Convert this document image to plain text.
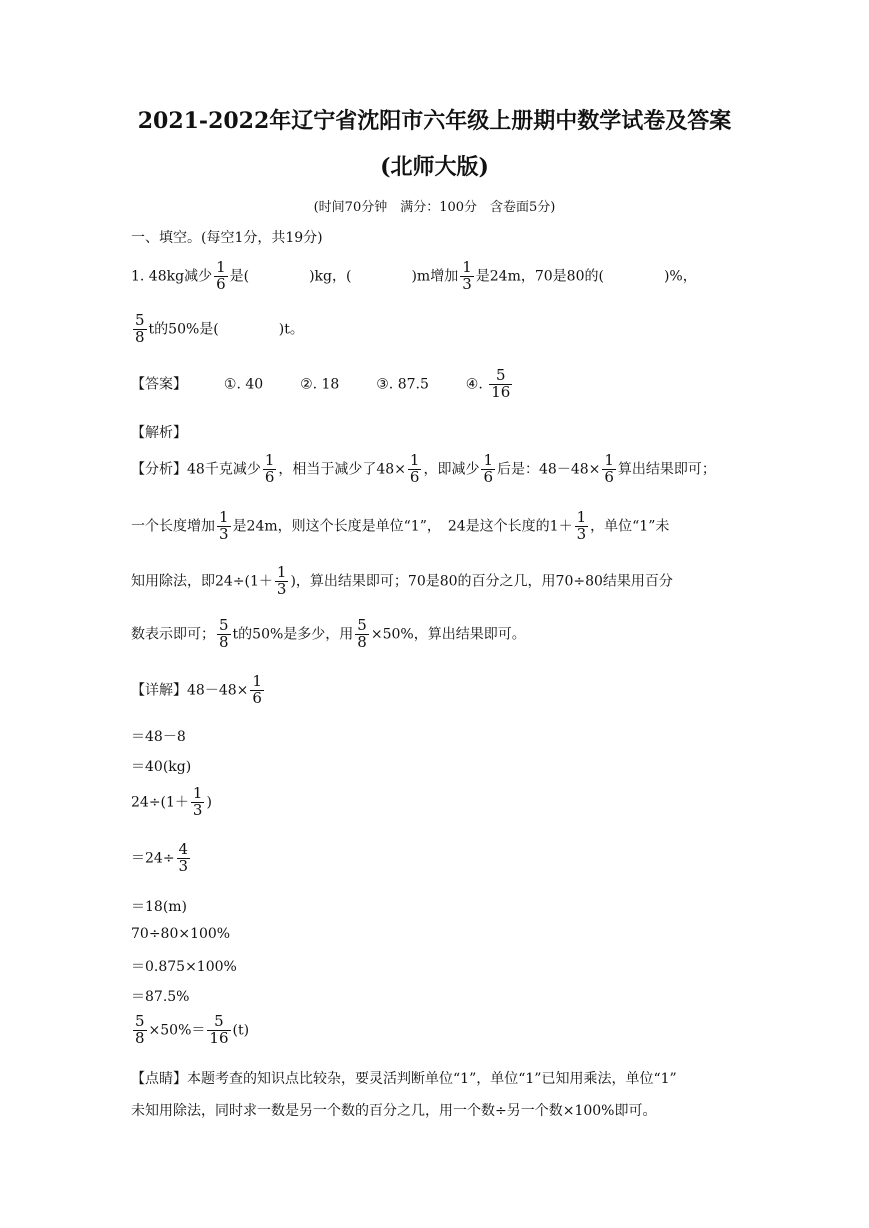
2021-2022年辽宁省沈阳市六年级上册期中数学试卷及答案
(北师大版)
(时间70分钟　满分：100分　含卷面5分)
一、填空。(每空1分，共19分)
1. 48kg减少 $\frac{1}{6}$ 是(	)kg，(	)m增加 $\frac{1}{3}$ 是24m，70是80的(	)%，
$\frac{5}{8}$ t的50%是(	)t。
【答案】	①. 40	②. 18	③. 87.5	④. $\frac{5}{16}$
【解析】
【分析】48千克减少 $\frac{1}{6}$ ，相当于减少了$48\times \frac{1}{6}$ ，即减少 $\frac{1}{6}$ 后是：$48-48\times \frac{1}{6}$ 算出结果即可；
一个长度增加 $\frac{1}{3}$ 是24m，则这个长度是单位“1”，　24是这个长度的$1+ \frac{1}{3}$ ，单位“1”未
知用除法，即$24\div(1+ \frac{1}{3}$ )，算出结果即可；70是80的百分之几，用70÷80结果用百分
数表示即可； $\frac{5}{8}$ t的50%是多少，用 $\frac{5}{8} \times 50\%$，算出结果即可。
【详解】$48-48\times \frac{1}{6}$
＝48－8
＝40(kg)
$24\div(1+ \frac{1}{3}$ )
$=24\div \frac{4}{3}$
＝18(m)
70÷80×100%
＝0.875×100%
＝87.5%
$\frac{5}{8} \times 50\%= \frac{5}{16} (t)$
【点睛】本题考查的知识点比较杂，要灵活判断单位“1”，单位“1”已知用乘法，单位“1”
未知用除法，同时求一数是另一个数的百分之几，用一个数÷另一个数×100%即可。
